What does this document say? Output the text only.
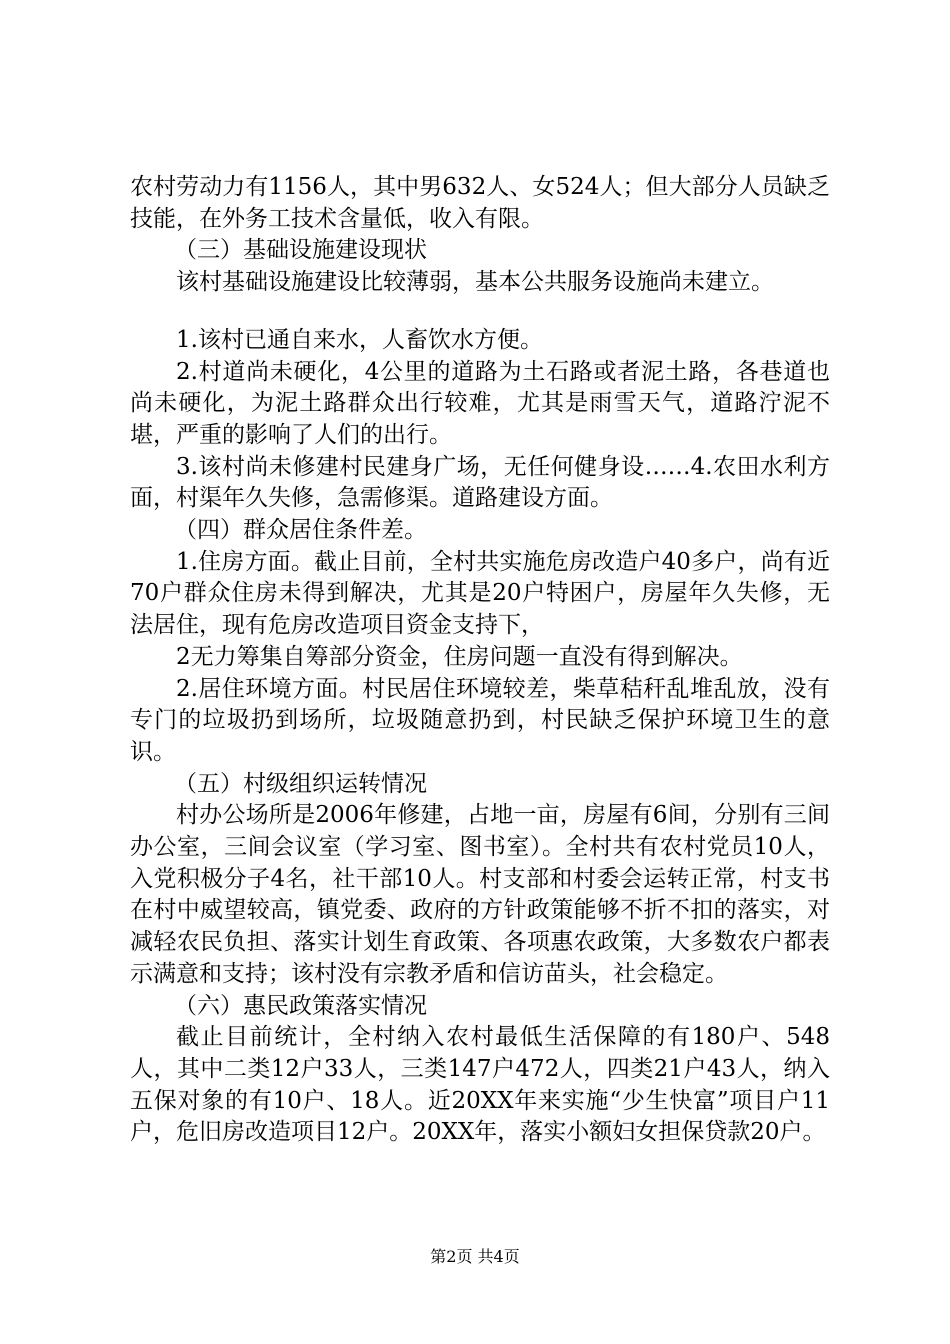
农村劳动力有1156人，其中男632人、女524人；但大部分人员缺乏技能，在外务工技术含量低，收入有限。

（三）基础设施建设现状

该村基础设施建设比较薄弱，基本公共服务设施尚未建立。

1.该村已通自来水，人畜饮水方便。

2.村道尚未硬化，4公里的道路为土石路或者泥土路，各巷道也尚未硬化，为泥土路群众出行较难，尤其是雨雪天气，道路泞泥不堪，严重的影响了人们的出行。

3.该村尚未修建村民建身广场，无任何健身设……4.农田水利方面，村渠年久失修，急需修渠。道路建设方面。

（四）群众居住条件差。

1.住房方面。截止目前，全村共实施危房改造户40多户，尚有近70户群众住房未得到解决，尤其是20户特困户，房屋年久失修，无法居住，现有危房改造项目资金支持下，

2无力筹集自筹部分资金，住房问题一直没有得到解决。

2.居住环境方面。村民居住环境较差，柴草秸秆乱堆乱放，没有专门的垃圾扔到场所，垃圾随意扔到，村民缺乏保护环境卫生的意识。

（五）村级组织运转情况

村办公场所是2006年修建，占地一亩，房屋有6间，分别有三间办公室，三间会议室（学习室、图书室）。全村共有农村党员10人，入党积极分子4名，社干部10人。村支部和村委会运转正常，村支书在村中威望较高，镇党委、政府的方针政策能够不折不扣的落实，对减轻农民负担、落实计划生育政策、各项惠农政策，大多数农户都表示满意和支持；该村没有宗教矛盾和信访苗头，社会稳定。

（六）惠民政策落实情况

截止目前统计，全村纳入农村最低生活保障的有180户、548人，其中二类12户33人，三类147户472人，四类21户43人，纳入五保对象的有10户、18人。近20XX年来实施“少生快富”项目户11户，危旧房改造项目12户。20XX年，落实小额妇女担保贷款20户。

第2页 共4页
